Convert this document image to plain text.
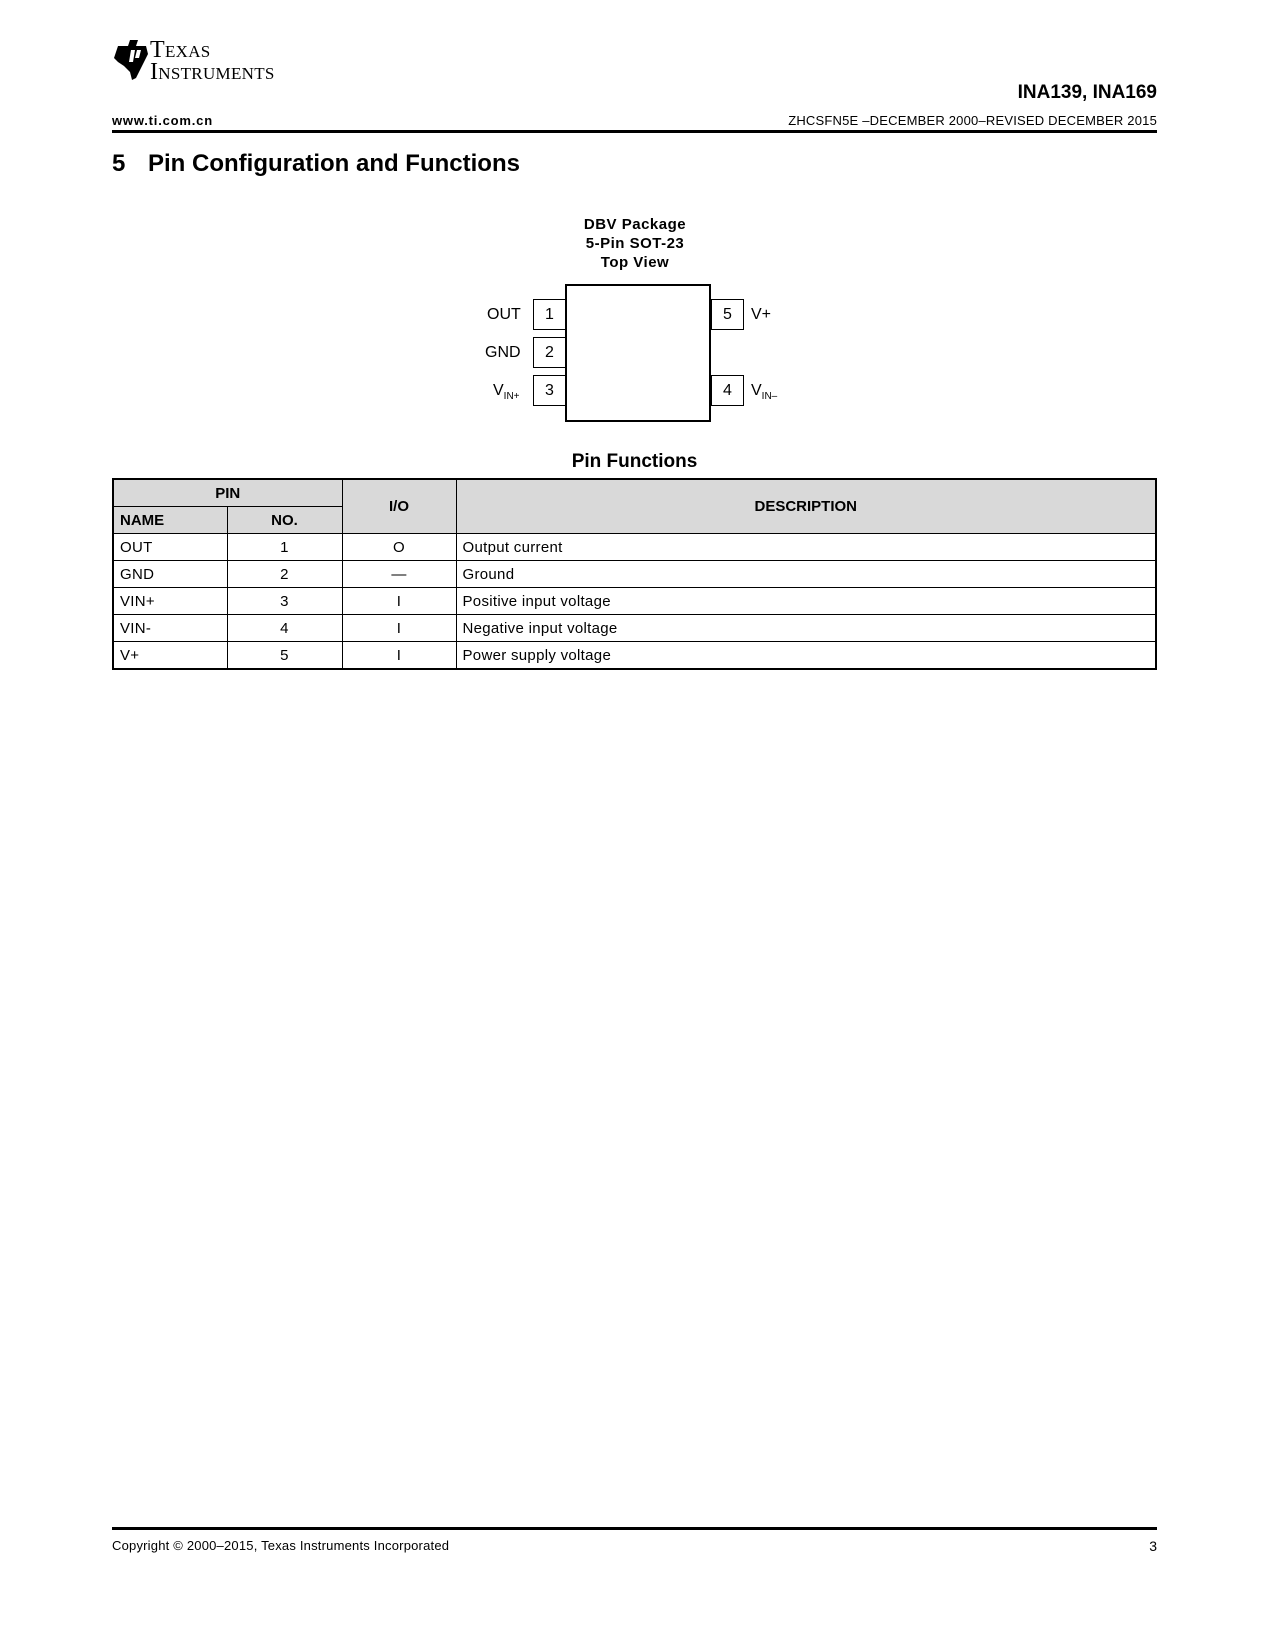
Texas
Instruments
INA139, INA169
www.ti.com.cn	ZHCSFN5E –DECEMBER 2000–REVISED DECEMBER 2015
5 Pin Configuration and Functions
DBV Package
5-Pin SOT-23
Top View
1
2
3
OUT
GND
$V_{IN+}$
5
4
V+
$V_{IN-}$
Pin Functions
PIN		I/O	DESCRIPTION
NAME	NO.		
OUT	1	O	Output current
GND	2	—	Ground
VIN+	3	I	Positive input voltage
VIN-	4	I	Negative input voltage
V+	5	I	Power supply voltage
Copyright © 2000–2015, Texas Instruments Incorporated	3
